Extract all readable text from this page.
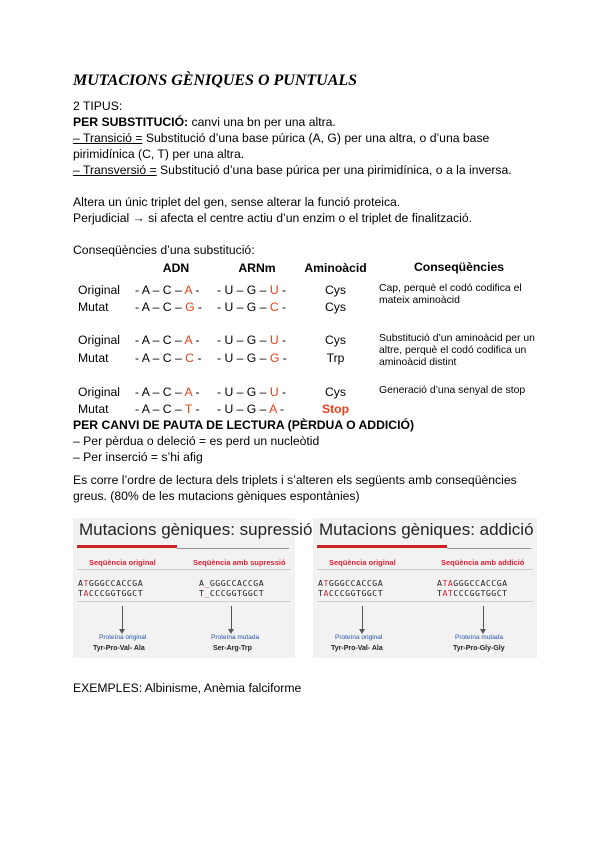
MUTACIONS GÈNIQUES O PUNTUALS
2 TIPUS:
PER SUBSTITUCIÓ: canvi una bn per una altra.
– Transició = Substitució d’una base púrica (A, G) per una altra, o d’una base
pirimidínica (C, T) per una altra.
– Transversió = Substitució d’una base púrica per una pirimidínica, o a la inversa.
Altera un únic triplet del gen, sense alterar la funció proteica.
Perjudicial → si afecta el centre actiu d’un enzim o el triplet de finalització.
Conseqüències d’una substitució:
	ADN	ARNm	Aminoàcid	Conseqüències
Original	- A – C – A -	- U – G – U -	Cys	Cap, perquè el codó codifica el mateix aminoàcid
Mutat	- A – C – G -	- U – G – C -	Cys	

Original	- A – C – A -	- U – G – U -	Cys	Substitució d’un aminoàcid per un altre, perquè el codó codifica un aminoàcid distint
Mutat	- A – C – C -	- U – G – G -	Trp	

Original	- A – C – A -	- U – G – U -	Cys	Generació d’una senyal de stop
Mutat	- A – C – T -	- U – G – A -	Stop	
PER CANVI DE PAUTA DE LECTURA (PÈRDUA O ADDICIÓ)
– Per pèrdua o deleció = es perd un nucleòtid
– Per inserció = s’hi afig
Es corre l’ordre de lectura dels triplets i s’alteren els següents amb conseqüències
greus. (80% de les mutacions gèniques espontànies)
Mutacions gèniques: supressió
Seqüència original	Seqüència amb supressió
ATGGGCCACCGA
TACCCGGTGGCT
A_GGGCCACCGA
T_CCCGGTGGCT
Proteína original	Proteína mutada
Tyr-Pro-Val- Ala	Ser-Arg-Trp
Mutacions gèniques: addició
Seqüència original	Seqüència amb addició
ATGGGCCACCGA
TACCCGGTGGCT
ATAGGGCCACCGA
TATCCCGGTGGCT
Proteína original	Proteína mutada
Tyr-Pro-Val- Ala	Tyr-Pro-Gly-Gly
EXEMPLES: Albinisme, Anèmia falciforme
